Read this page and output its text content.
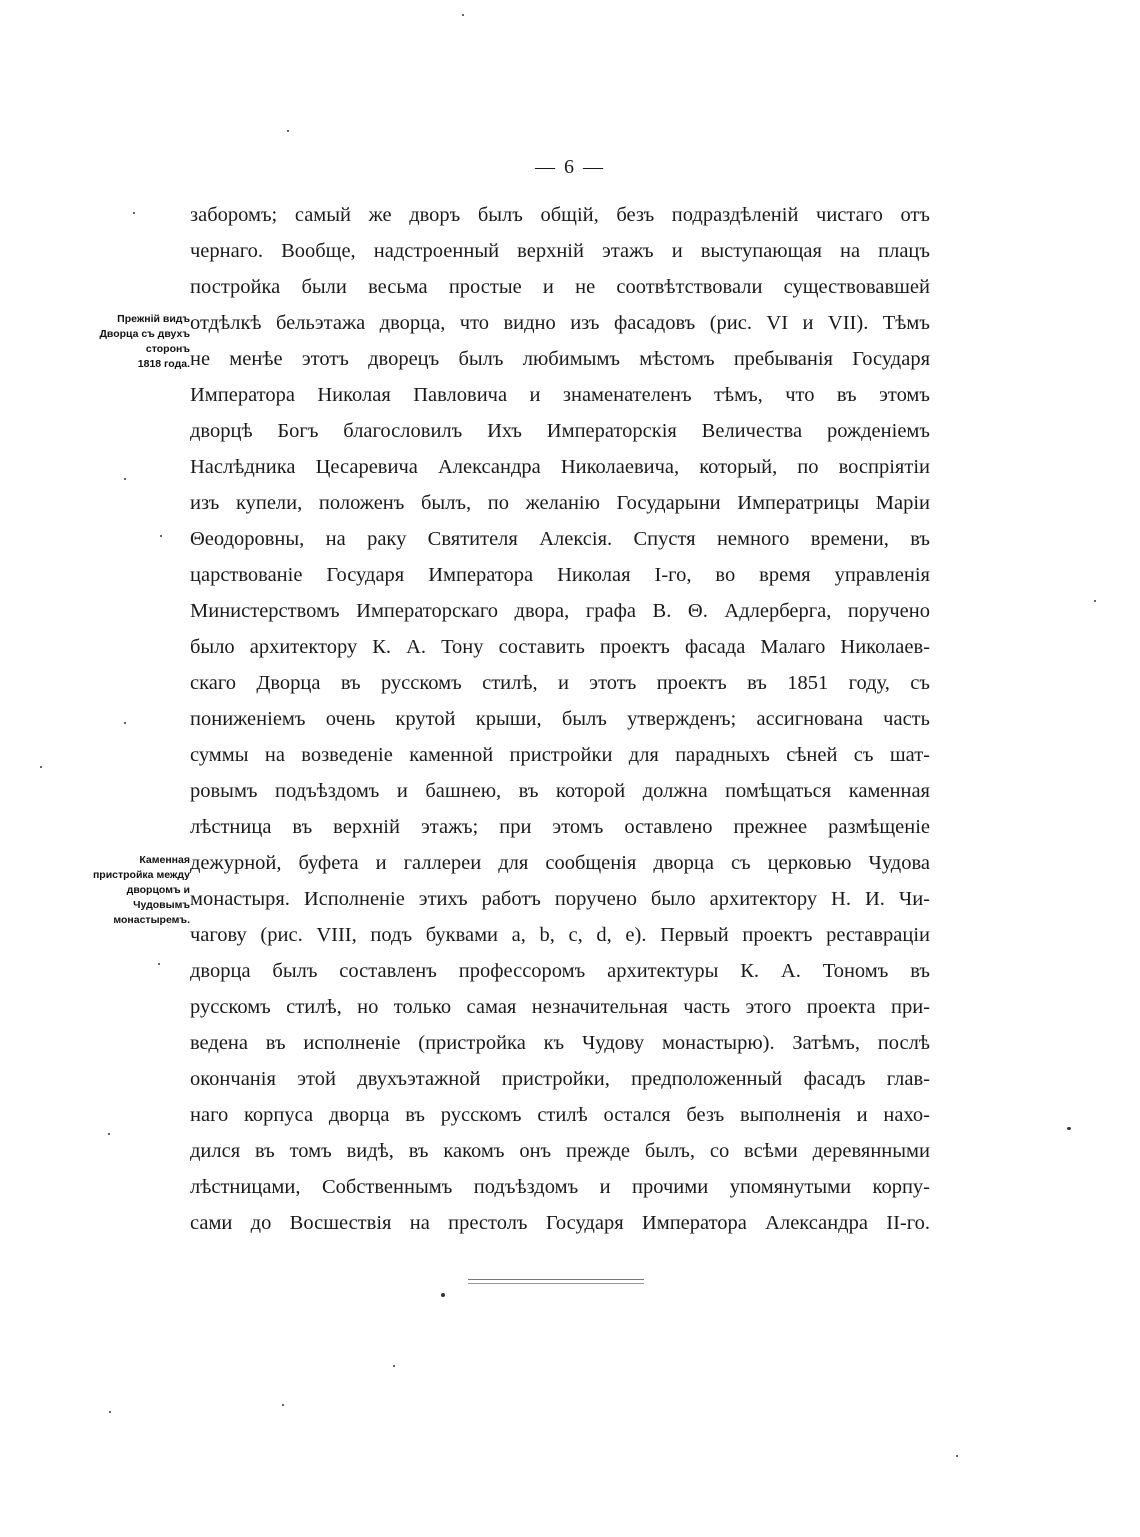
— 6 —
Прежній видъ
Дворца съ двухъ
сторонъ
1818 года.
Каменная
пристройка между
дворцомъ и
Чудовымъ
монастыремъ.
заборомъ; самый же дворъ былъ общій, безъ подраздѣленій чистаго отъ
чернаго. Вообще, надстроенный верхній этажъ и выступающая на плацъ
постройка были весьма простые и не соотвѣтствовали существовавшей
отдѣлкѣ бельэтажа дворца, что видно изъ фасадовъ (рис. VI и VII). Тѣмъ
не менѣе этотъ дворецъ былъ любимымъ мѣстомъ пребыванія Государя
Императора Николая Павловича и знаменателенъ тѣмъ, что въ этомъ
дворцѣ Богъ благословилъ Ихъ Императорскія Величества рожденіемъ
Наслѣдника Цесаревича Александра Николаевича, который, по воспріятіи
изъ купели, положенъ былъ, по желанію Государыни Императрицы Маріи
Θеодоровны, на раку Святителя Алексія. Спустя немного времени, въ
царствованіе Государя Императора Николая I-го, во время управленія
Министерствомъ Императорскаго двора, графа В. Θ. Адлерберга, поручено
было архитектору К. А. Тону составить проектъ фасада Малаго Николаев-
скаго Дворца въ русскомъ стилѣ, и этотъ проектъ въ 1851 году, съ
пониженіемъ очень крутой крыши, былъ утвержденъ; ассигнована часть
суммы на возведеніе каменной пристройки для парадныхъ сѣней съ шат-
ровымъ подъѣздомъ и башнею, въ которой должна помѣщаться каменная
лѣстница въ верхній этажъ; при этомъ оставлено прежнее размѣщеніе
дежурной, буфета и галлереи для сообщенія дворца съ церковью Чудова
монастыря. Исполненіе этихъ работъ поручено было архитектору Н. И. Чи-
чагову (рис. VIII, подъ буквами a, b, c, d, e). Первый проектъ реставраціи
дворца былъ составленъ профессоромъ архитектуры К. А. Тономъ въ
русскомъ стилѣ, но только самая незначительная часть этого проекта при-
ведена въ исполненіе (пристройка къ Чудову монастырю). Затѣмъ, послѣ
окончанія этой двухъэтажной пристройки, предположенный фасадъ глав-
наго корпуса дворца въ русскомъ стилѣ остался безъ выполненія и нахо-
дился въ томъ видѣ, въ какомъ онъ прежде былъ, со всѣми деревянными
лѣстницами, Собственнымъ подъѣздомъ и прочими упомянутыми корпу-
сами до Восшествія на престолъ Государя Императора Александра II-го.
